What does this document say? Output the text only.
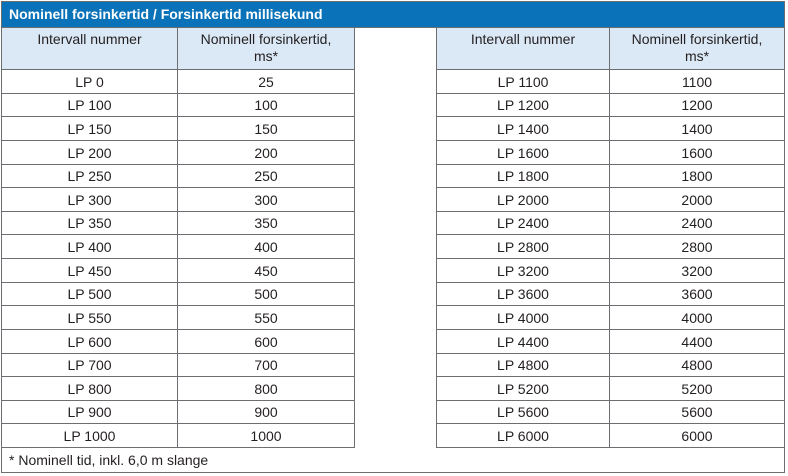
Nominell forsinkertid / Forsinkertid millisekund
Intervall nummer	Nominell forsinkertid, ms*
LP 0	25
LP 100	100
LP 150	150
LP 200	200
LP 250	250
LP 300	300
LP 350	350
LP 400	400
LP 450	450
LP 500	500
LP 550	550
LP 600	600
LP 700	700
LP 800	800
LP 900	900
LP 1000	1000
Intervall nummer	Nominell forsinkertid, ms*
LP 1100	1100
LP 1200	1200
LP 1400	1400
LP 1600	1600
LP 1800	1800
LP 2000	2000
LP 2400	2400
LP 2800	2800
LP 3200	3200
LP 3600	3600
LP 4000	4000
LP 4400	4400
LP 4800	4800
LP 5200	5200
LP 5600	5600
LP 6000	6000
* Nominell tid, inkl. 6,0 m slange
